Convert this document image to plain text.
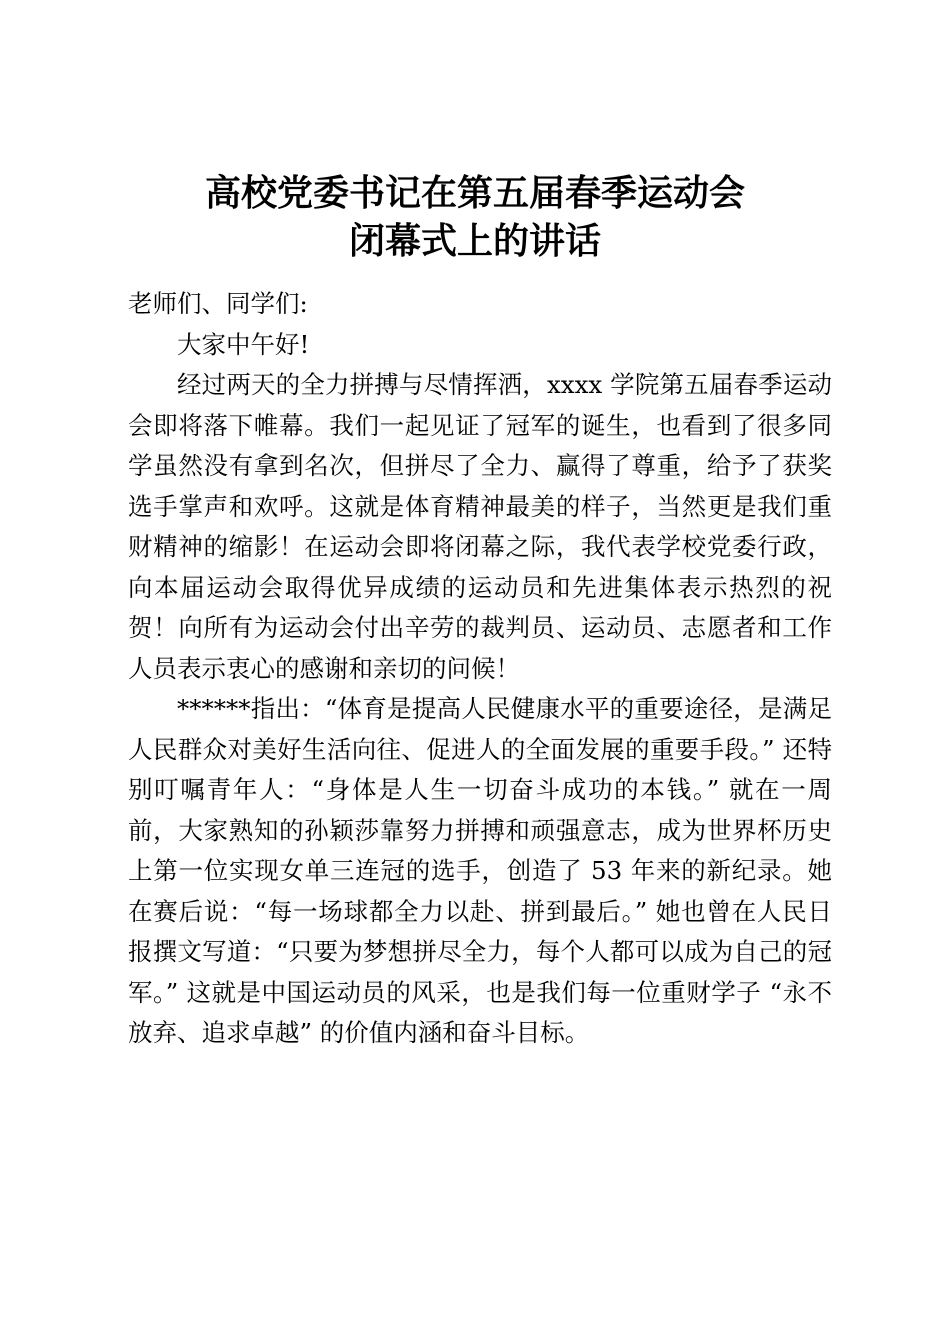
高校党委书记在第五届春季运动会
闭幕式上的讲话

老师们、同学们:

大家中午好!

经过两天的全力拼搏与尽情挥洒，xxxx 学院第五届春季运动会即将落下帷幕。我们一起见证了冠军的诞生，也看到了很多同学虽然没有拿到名次，但拼尽了全力、赢得了尊重，给予了获奖选手掌声和欢呼。这就是体育精神最美的样子，当然更是我们重财精神的缩影！在运动会即将闭幕之际，我代表学校党委行政，向本届运动会取得优异成绩的运动员和先进集体表示热烈的祝贺！向所有为运动会付出辛劳的裁判员、运动员、志愿者和工作人员表示衷心的感谢和亲切的问候！

******指出：“体育是提高人民健康水平的重要途径，是满足人民群众对美好生活向往、促进人的全面发展的重要手段。” 还特别叮嘱青年人：“身体是人生一切奋斗成功的本钱。” 就在一周前，大家熟知的孙颖莎靠努力拼搏和顽强意志，成为世界杯历史上第一位实现女单三连冠的选手，创造了 53 年来的新纪录。她在赛后说：“每一场球都全力以赴、拼到最后。” 她也曾在人民日报撰文写道：“只要为梦想拼尽全力，每个人都可以成为自己的冠军。” 这就是中国运动员的风采，也是我们每一位重财学子 “永不放弃、追求卓越” 的价值内涵和奋斗目标。
